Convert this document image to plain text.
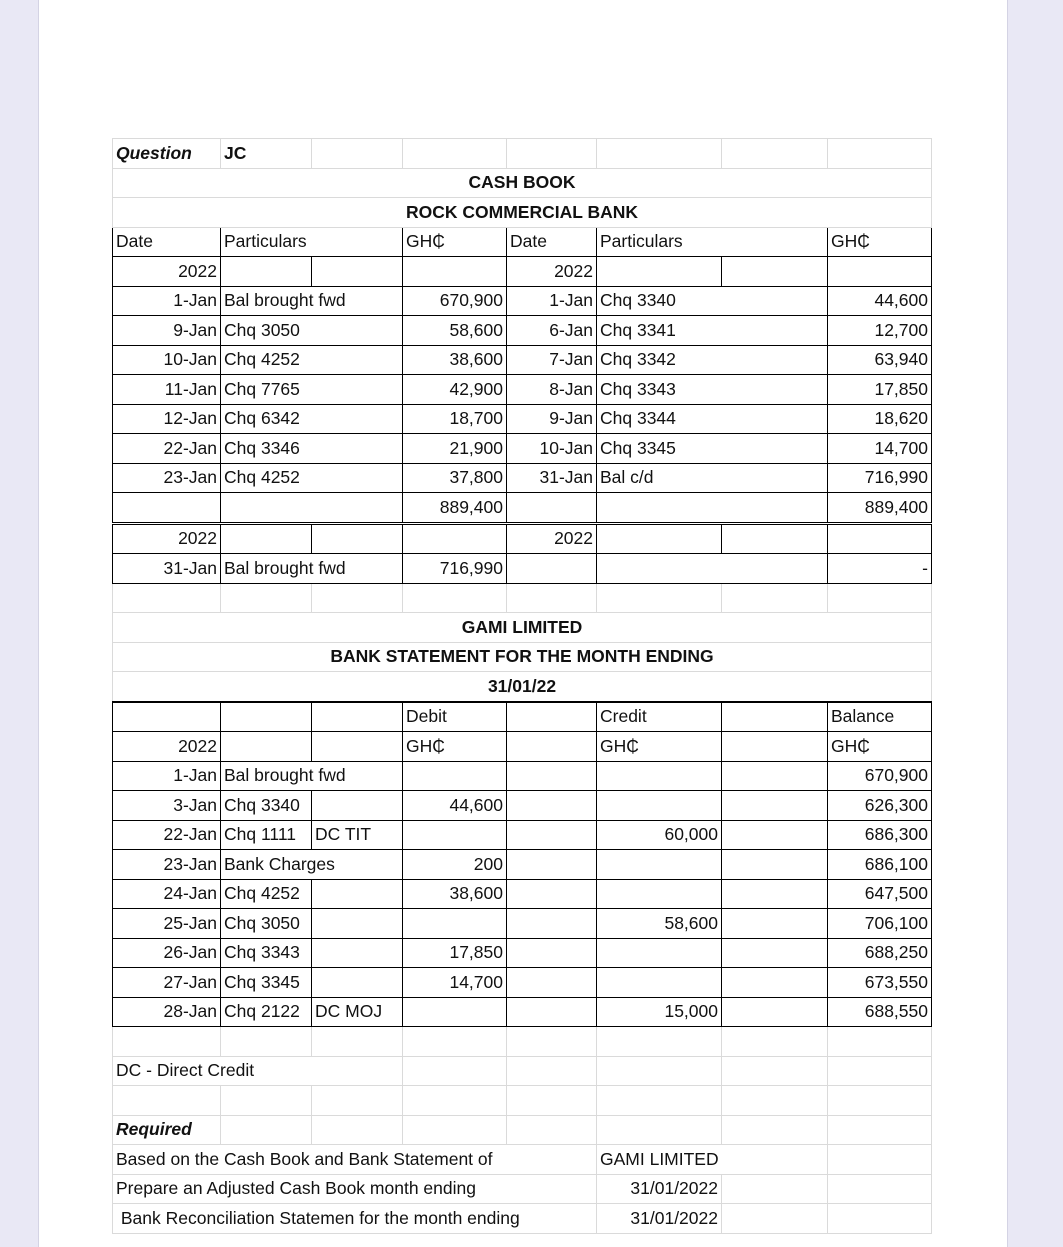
Question	JC						
CASH BOOK							
ROCK COMMERCIAL BANK							
Date	Particulars		GH₵	Date	Particulars		GH₵
2022				2022			
1-Jan	Bal brought fwd		670,900	1-Jan	Chq 3340		44,600
9-Jan	Chq 3050		58,600	6-Jan	Chq 3341		12,700
10-Jan	Chq 4252		38,600	7-Jan	Chq 3342		63,940
11-Jan	Chq 7765		42,900	8-Jan	Chq 3343		17,850
12-Jan	Chq 6342		18,700	9-Jan	Chq 3344		18,620
22-Jan	Chq 3346		21,900	10-Jan	Chq 3345		14,700
23-Jan	Chq 4252		37,800	31-Jan	Bal c/d		716,990
			889,400				889,400
2022				2022			
31-Jan	Bal brought fwd		716,990				-

GAMI LIMITED							
BANK STATEMENT FOR THE MONTH ENDING							
31/01/22							
			Debit		Credit		Balance
2022			GH₵		GH₵		GH₵
1-Jan	Bal brought fwd						670,900
3-Jan	Chq 3340		44,600				626,300
22-Jan	Chq 1111	DC TIT			60,000		686,300
23-Jan	Bank Charges		200				686,100
24-Jan	Chq 4252		38,600				647,500
25-Jan	Chq 3050				58,600		706,100
26-Jan	Chq 3343		17,850				688,250
27-Jan	Chq 3345		14,700				673,550
28-Jan	Chq 2122	DC MOJ			15,000		688,550

DC - Direct Credit							

Required							
Based on the Cash Book and Bank Statement of					GAMI LIMITED		
Prepare an Adjusted Cash Book month ending					31/01/2022		
Bank Reconciliation Statemen for the month ending					31/01/2022		
